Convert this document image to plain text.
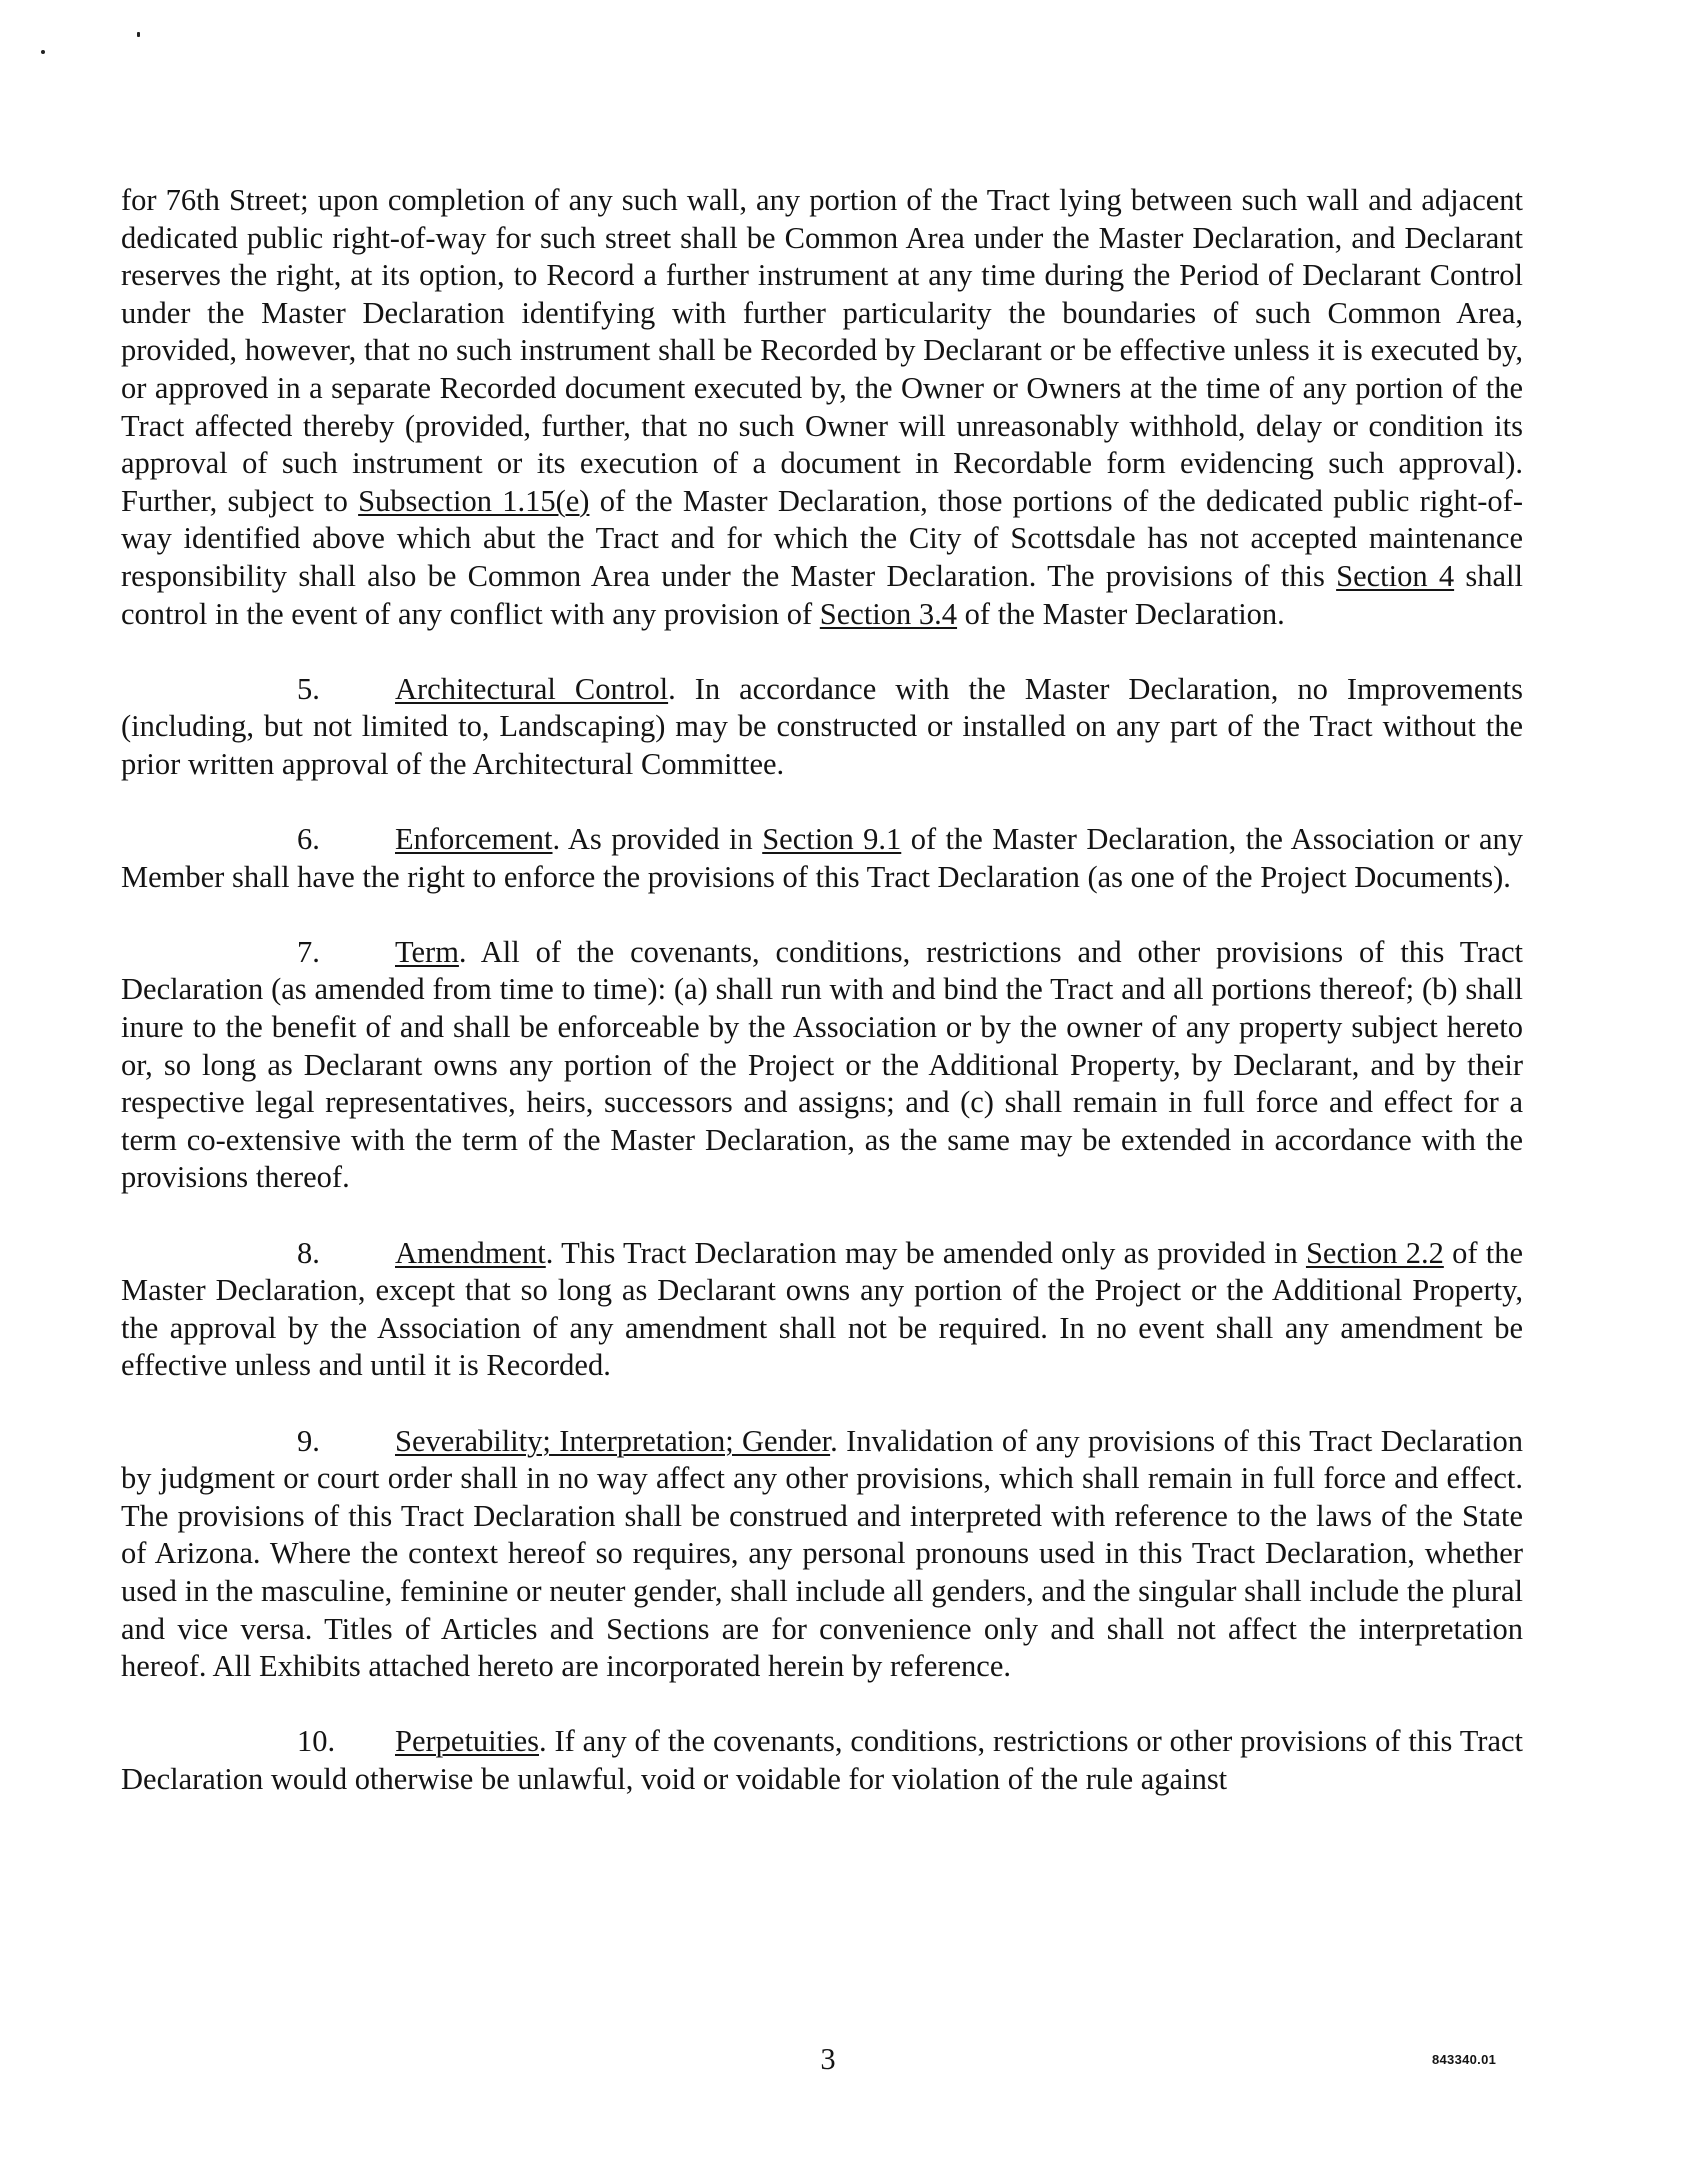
for 76th Street; upon completion of any such wall, any portion of the Tract lying between such wall and adjacent dedicated public right-of-way for such street shall be Common Area under the Master Declaration, and Declarant reserves the right, at its option, to Record a further instrument at any time during the Period of Declarant Control under the Master Declaration identifying with further particularity the boundaries of such Common Area, provided, however, that no such instrument shall be Recorded by Declarant or be effective unless it is executed by, or approved in a separate Recorded document executed by, the Owner or Owners at the time of any portion of the Tract affected thereby (provided, further, that no such Owner will unreasonably withhold, delay or condition its approval of such instrument or its execution of a document in Recordable form evidencing such approval). Further, subject to Subsection 1.15(e) of the Master Declaration, those portions of the dedicated public right-of-way identified above which abut the Tract and for which the City of Scottsdale has not accepted maintenance responsibility shall also be Common Area under the Master Declaration. The provisions of this Section 4 shall control in the event of any conflict with any provision of Section 3.4 of the Master Declaration.

5. Architectural Control. In accordance with the Master Declaration, no Improvements (including, but not limited to, Landscaping) may be constructed or installed on any part of the Tract without the prior written approval of the Architectural Committee.

6. Enforcement. As provided in Section 9.1 of the Master Declaration, the Association or any Member shall have the right to enforce the provisions of this Tract Declaration (as one of the Project Documents).

7. Term. All of the covenants, conditions, restrictions and other provisions of this Tract Declaration (as amended from time to time): (a) shall run with and bind the Tract and all portions thereof; (b) shall inure to the benefit of and shall be enforceable by the Association or by the owner of any property subject hereto or, so long as Declarant owns any portion of the Project or the Additional Property, by Declarant, and by their respective legal representatives, heirs, successors and assigns; and (c) shall remain in full force and effect for a term co-extensive with the term of the Master Declaration, as the same may be extended in accordance with the provisions thereof.

8. Amendment. This Tract Declaration may be amended only as provided in Section 2.2 of the Master Declaration, except that so long as Declarant owns any portion of the Project or the Additional Property, the approval by the Association of any amendment shall not be required. In no event shall any amendment be effective unless and until it is Recorded.

9. Severability; Interpretation; Gender. Invalidation of any provisions of this Tract Declaration by judgment or court order shall in no way affect any other provisions, which shall remain in full force and effect. The provisions of this Tract Declaration shall be construed and interpreted with reference to the laws of the State of Arizona. Where the context hereof so requires, any personal pronouns used in this Tract Declaration, whether used in the masculine, feminine or neuter gender, shall include all genders, and the singular shall include the plural and vice versa. Titles of Articles and Sections are for convenience only and shall not affect the interpretation hereof. All Exhibits attached hereto are incorporated herein by reference.

10. Perpetuities. If any of the covenants, conditions, restrictions or other provisions of this Tract Declaration would otherwise be unlawful, void or voidable for violation of the rule against

3	843340.01
